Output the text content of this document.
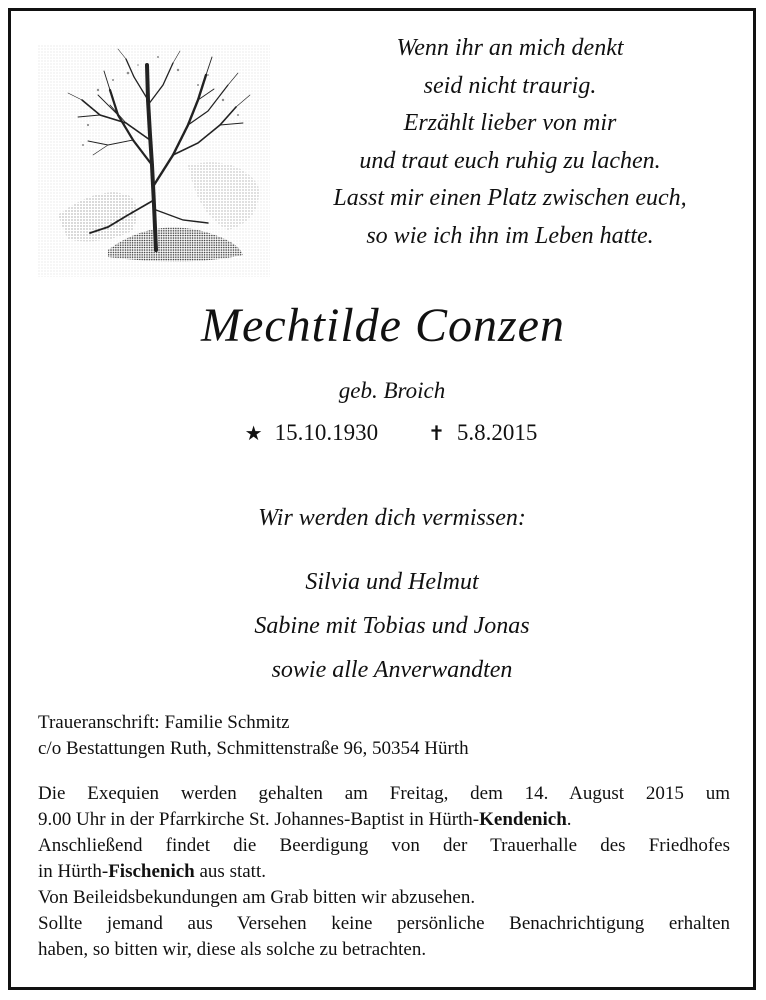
Wenn ihr an mich denkt
seid nicht traurig.
Erzählt lieber von mir
und traut euch ruhig zu lachen.
Lasst mir einen Platz zwischen euch,
so wie ich ihn im Leben hatte.
Mechtilde Conzen
geb. Broich
★ 15.10.1930	✝ 5.8.2015
Wir werden dich vermissen:
Silvia und Helmut
Sabine mit Tobias und Jonas
sowie alle Anverwandten
Traueranschrift: Familie Schmitz
c/o Bestattungen Ruth, Schmittenstraße 96, 50354 Hürth
Die Exequien werden gehalten am Freitag, dem 14. August 2015 um
9.00 Uhr in der Pfarrkirche St. Johannes-Baptist in Hürth-Kendenich.
Anschließend findet die Beerdigung von der Trauerhalle des Friedhofes
in Hürth-Fischenich aus statt.
Von Beileidsbekundungen am Grab bitten wir abzusehen.
Sollte jemand aus Versehen keine persönliche Benachrichtigung erhalten
haben, so bitten wir, diese als solche zu betrachten.
